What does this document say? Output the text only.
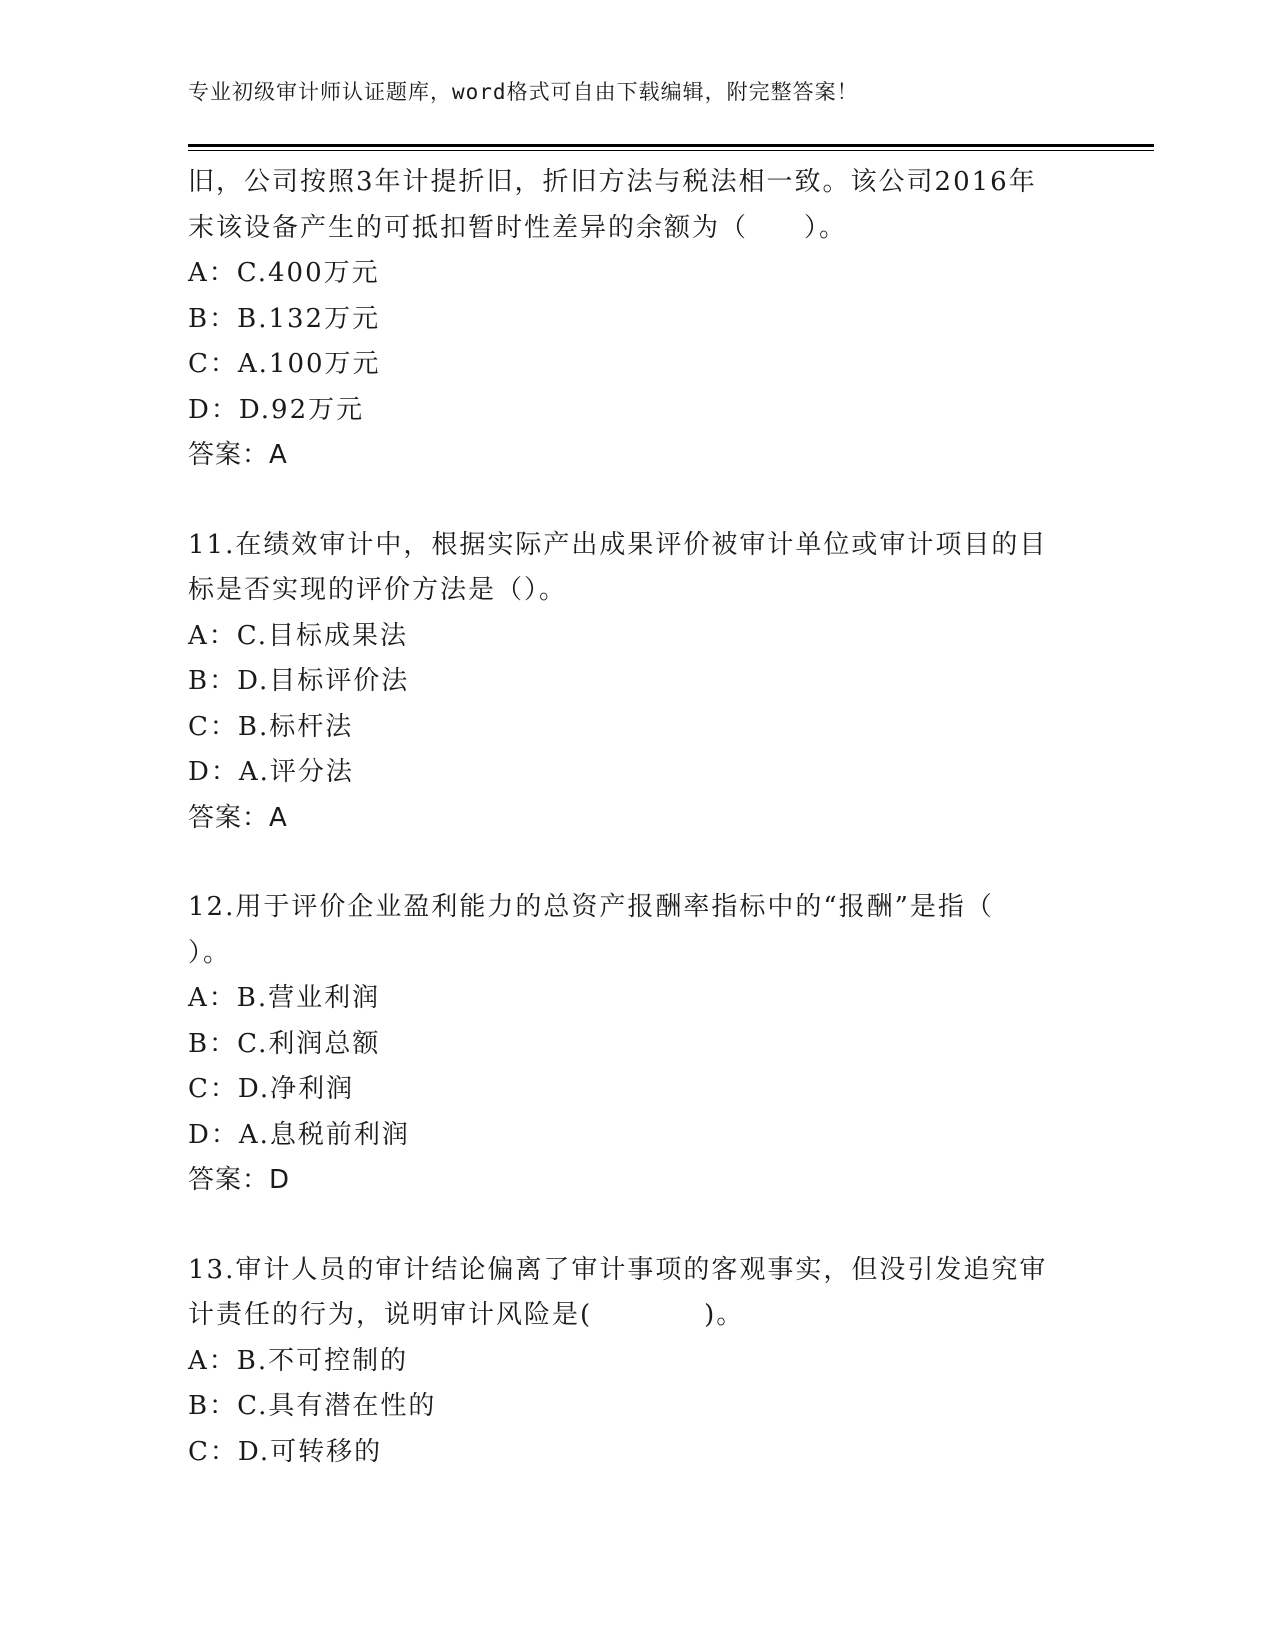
专业初级审计师认证题库，word格式可自由下载编辑，附完整答案！
旧，公司按照3年计提折旧，折旧方法与税法相一致。该公司2016年
末该设备产生的可抵扣暂时性差异的余额为（　　）。
A：C.400万元
B：B.132万元
C：A.100万元
D：D.92万元
答案：A
11.在绩效审计中，根据实际产出成果评价被审计单位或审计项目的目
标是否实现的评价方法是（）。
A：C.目标成果法
B：D.目标评价法
C：B.标杆法
D：A.评分法
答案：A
12.用于评价企业盈利能力的总资产报酬率指标中的“报酬”是指（
）。
A：B.营业利润
B：C.利润总额
C：D.净利润
D：A.息税前利润
答案：D
13.审计人员的审计结论偏离了审计事项的客观事实，但没引发追究审
计责任的行为，说明审计风险是(　　　　)。
A：B.不可控制的
B：C.具有潜在性的
C：D.可转移的
